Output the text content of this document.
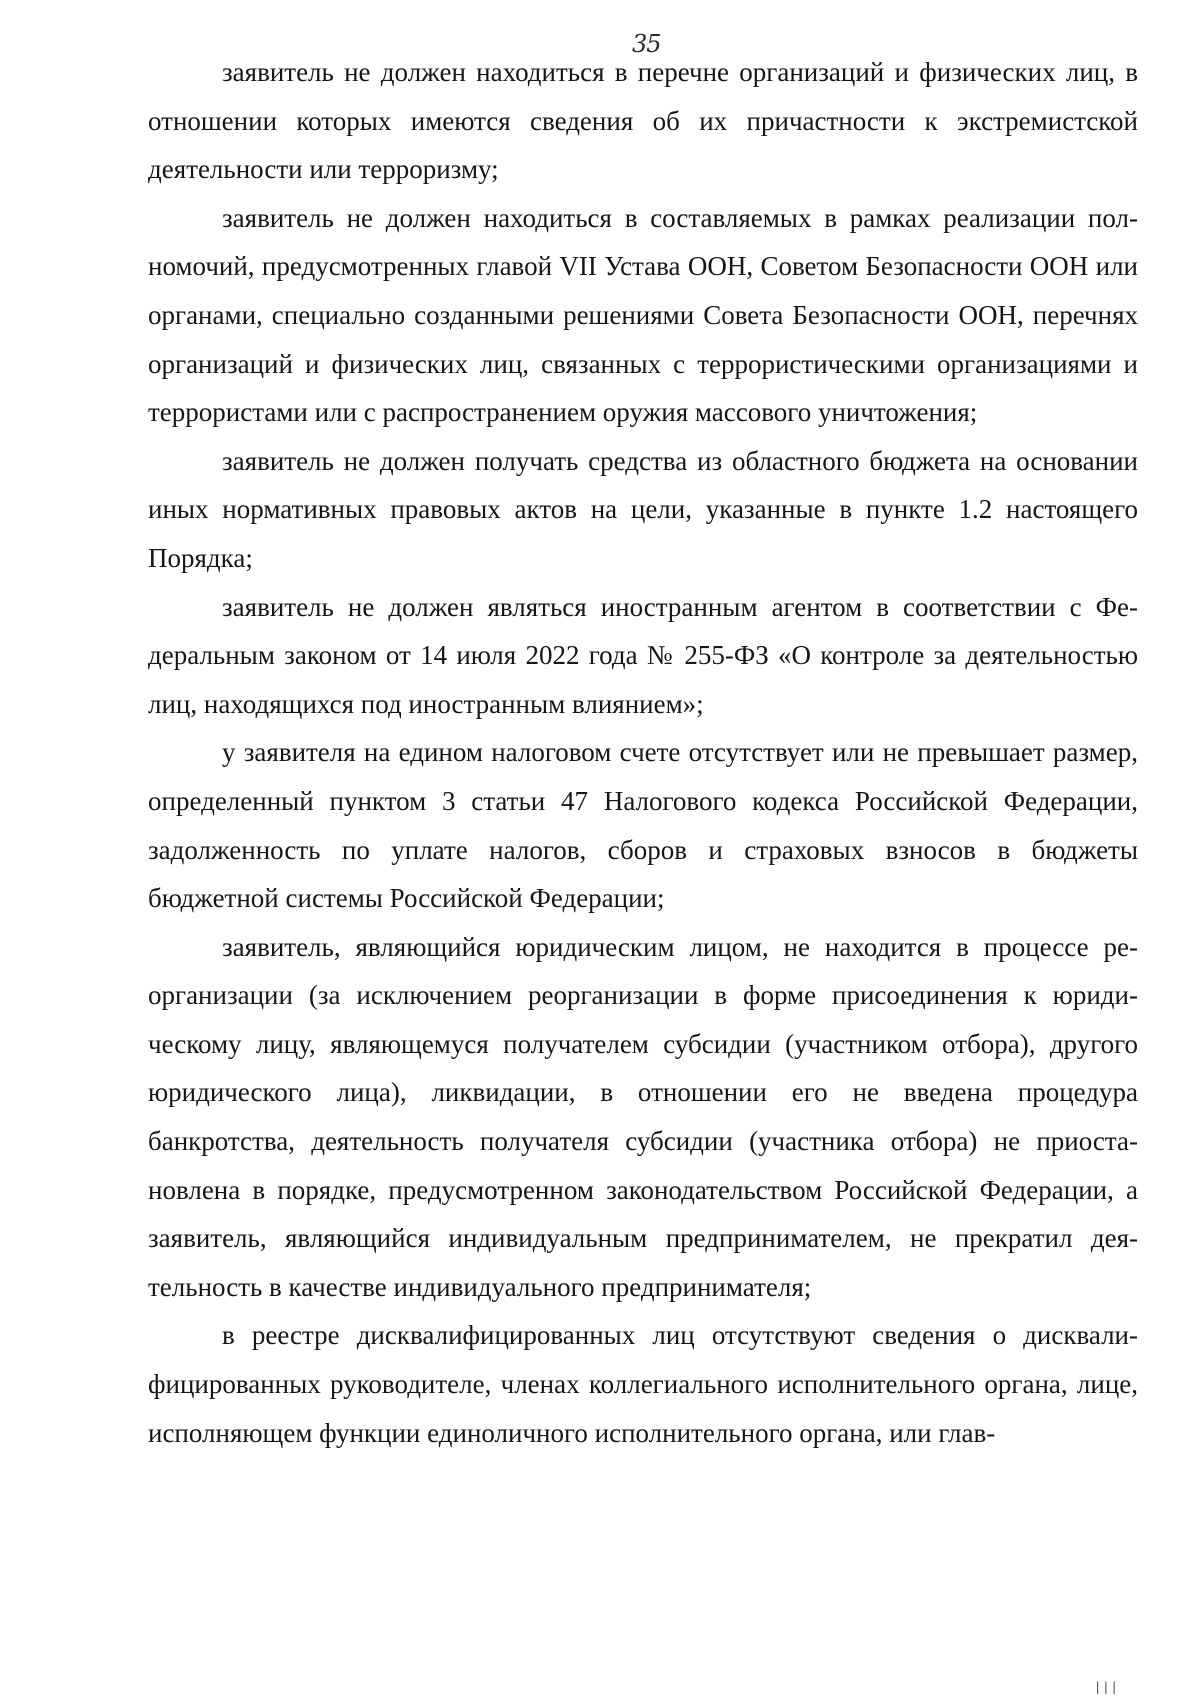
35

заявитель не должен находиться в перечне организаций и физических лиц, в отношении которых имеются сведения об их причастности к экстремистской деятельности или терроризму;

заявитель не должен находиться в составляемых в рамках реализации полномочий, предусмотренных главой VII Устава ООН, Советом Безопасности ООН или органами, специально созданными решениями Совета Безопасности ООН, перечнях организаций и физических лиц, связанных с террористическими организациями и террористами или с распространением оружия массового уничтожения;

заявитель не должен получать средства из областного бюджета на основании иных нормативных правовых актов на цели, указанные в пункте 1.2 настоящего Порядка;

заявитель не должен являться иностранным агентом в соответствии с Федеральным законом от 14 июля 2022 года № 255-ФЗ «О контроле за деятельностью лиц, находящихся под иностранным влиянием»;

у заявителя на едином налоговом счете отсутствует или не превышает размер, определенный пунктом 3 статьи 47 Налогового кодекса Российской Федерации, задолженность по уплате налогов, сборов и страховых взносов в бюджеты бюджетной системы Российской Федерации;

заявитель, являющийся юридическим лицом, не находится в процессе реорганизации (за исключением реорганизации в форме присоединения к юридическому лицу, являющемуся получателем субсидии (участником отбора), другого юридического лица), ликвидации, в отношении его не введена процедура банкротства, деятельность получателя субсидии (участника отбора) не приостановлена в порядке, предусмотренном законодательством Российской Федерации, а заявитель, являющийся индивидуальным предпринимателем, не прекратил деятельность в качестве индивидуального предпринимателя;

в реестре дисквалифицированных лиц отсутствуют сведения о дисквалифицированных руководителе, членах коллегиального исполнительного органа, лице, исполняющем функции единоличного исполнительного органа, или глав-

|||
